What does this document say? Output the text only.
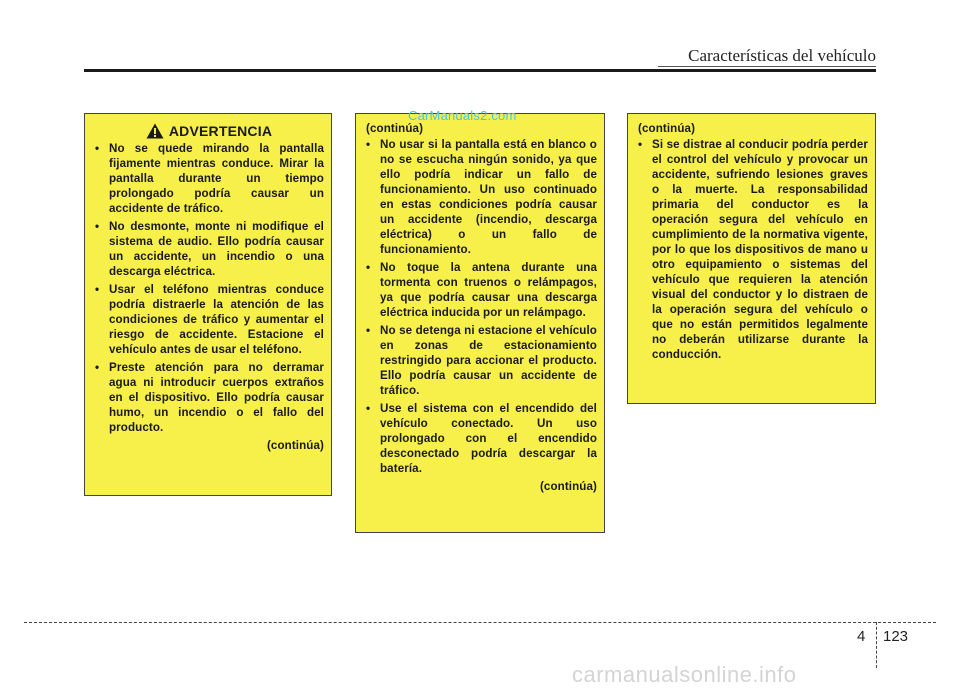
Características del vehículo
ADVERTENCIA
• No se quede mirando la pantalla fijamente mientras conduce. Mirar la pantalla durante un tiempo prolongado podría causar un accidente de tráfico.
• No desmonte, monte ni modifique el sistema de audio. Ello podría causar un accidente, un incendio o una descarga eléctrica.
• Usar el teléfono mientras conduce podría distraerle la atención de las condiciones de tráfico y aumentar el riesgo de accidente. Estacione el vehículo antes de usar el teléfono.
• Preste atención para no derramar agua ni introducir cuerpos extraños en el dispositivo. Ello podría causar humo, un incendio o el fallo del producto.
(continúa)
(continúa)
• No usar si la pantalla está en blanco o no se escucha ningún sonido, ya que ello podría indicar un fallo de funcionamiento. Un uso continuado en estas condiciones podría causar un accidente (incendio, descarga eléctrica) o un fallo de funcionamiento.
• No toque la antena durante una tormenta con truenos o relámpagos, ya que podría causar una descarga eléctrica inducida por un relámpago.
• No se detenga ni estacione el vehículo en zonas de estacionamiento restringido para accionar el producto. Ello podría causar un accidente de tráfico.
• Use el sistema con el encendido del vehículo conectado. Un uso prolongado con el encendido desconectado podría descargar la batería.
(continúa)
(continúa)
• Si se distrae al conducir podría perder el control del vehículo y provocar un accidente, sufriendo lesiones graves o la muerte. La responsabilidad primaria del conductor es la operación segura del vehículo en cumplimiento de la normativa vigente, por lo que los dispositivos de mano u otro equipamiento o sistemas del vehículo que requieren la atención visual del conductor y lo distraen de la operación segura del vehículo o que no están permitidos legalmente no deberán utilizarse durante la conducción.
CarManuals2.com
4 123
carmanualsonline.info
